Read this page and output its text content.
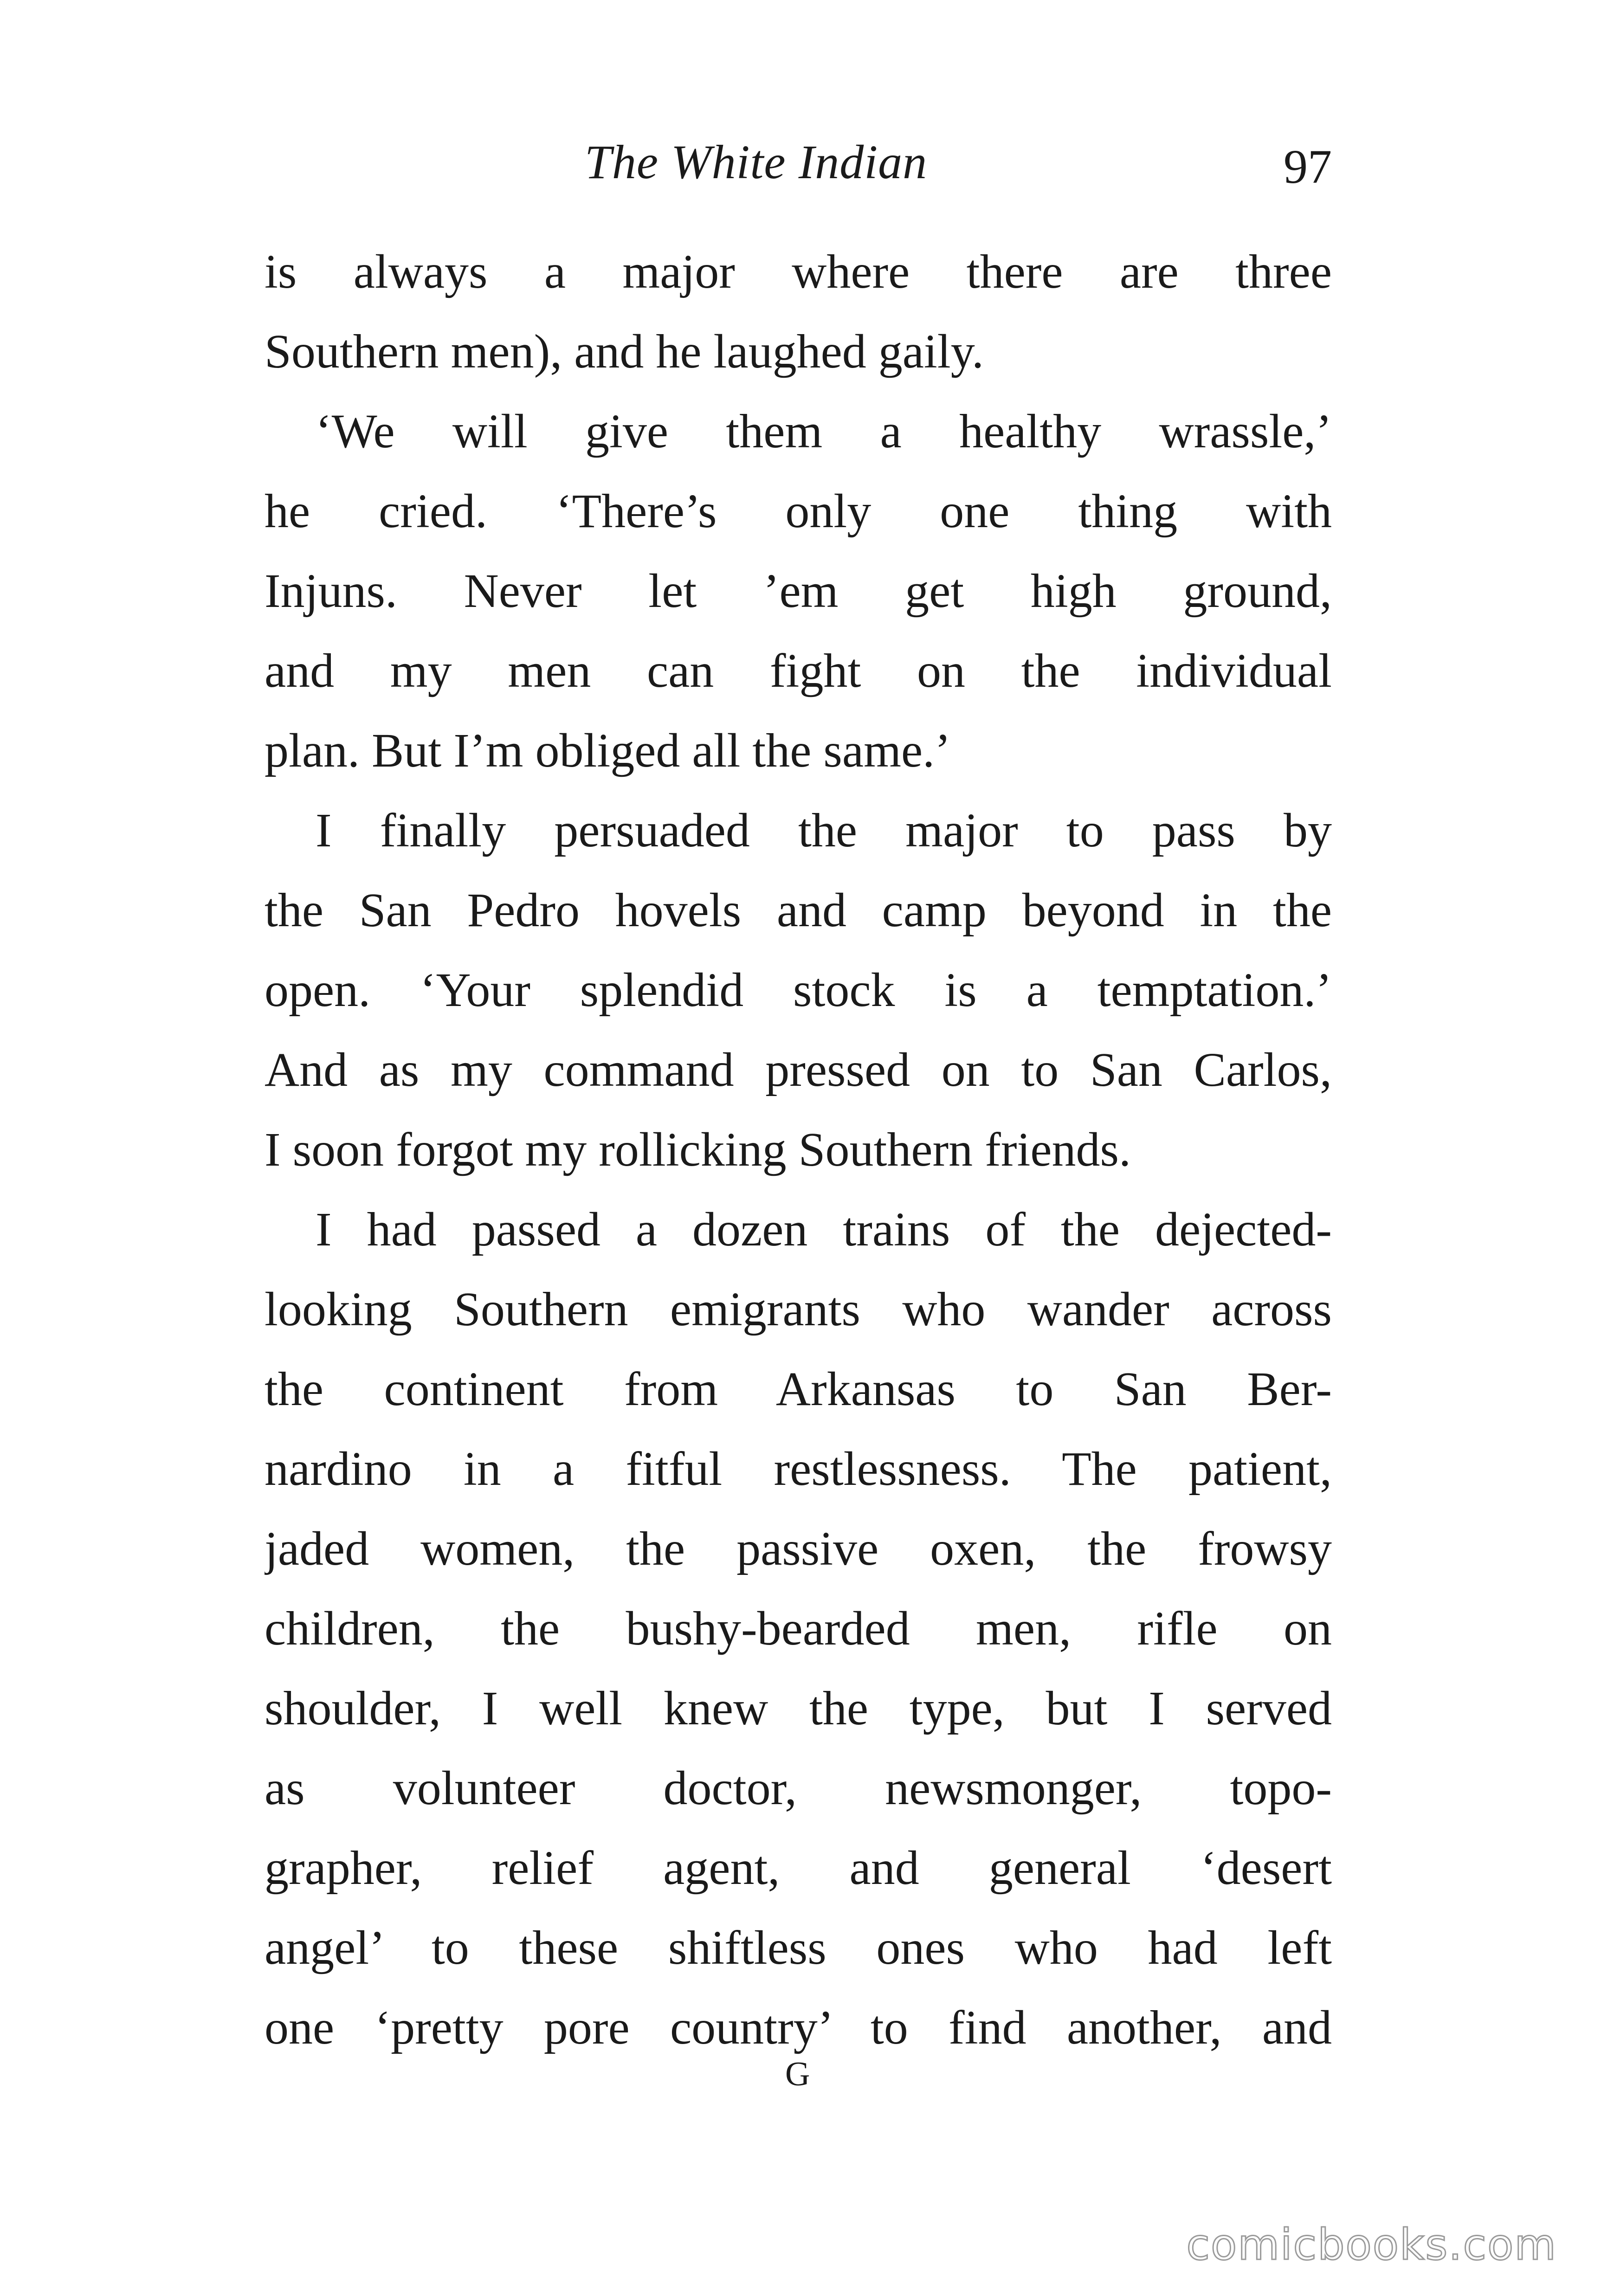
The White Indian	97
is always a major where there are three
Southern men), and he laughed gaily.
‘We will give them a healthy wrassle,’
he cried. ‘There’s only one thing with
Injuns. Never let ’em get high ground,
and my men can fight on the individual
plan. But I’m obliged all the same.’
I finally persuaded the major to pass by
the San Pedro hovels and camp beyond in the
open. ‘Your splendid stock is a temptation.’
And as my command pressed on to San Carlos,
I soon forgot my rollicking Southern friends.
I had passed a dozen trains of the dejected-
looking Southern emigrants who wander across
the continent from Arkansas to San Ber-
nardino in a fitful restlessness. The patient,
jaded women, the passive oxen, the frowsy
children, the bushy-bearded men, rifle on
shoulder, I well knew the type, but I served
as volunteer doctor, newsmonger, topo-
grapher, relief agent, and general ‘desert
angel’ to these shiftless ones who had left
one ‘pretty pore country’ to find another, and
G
comicbooks.com
